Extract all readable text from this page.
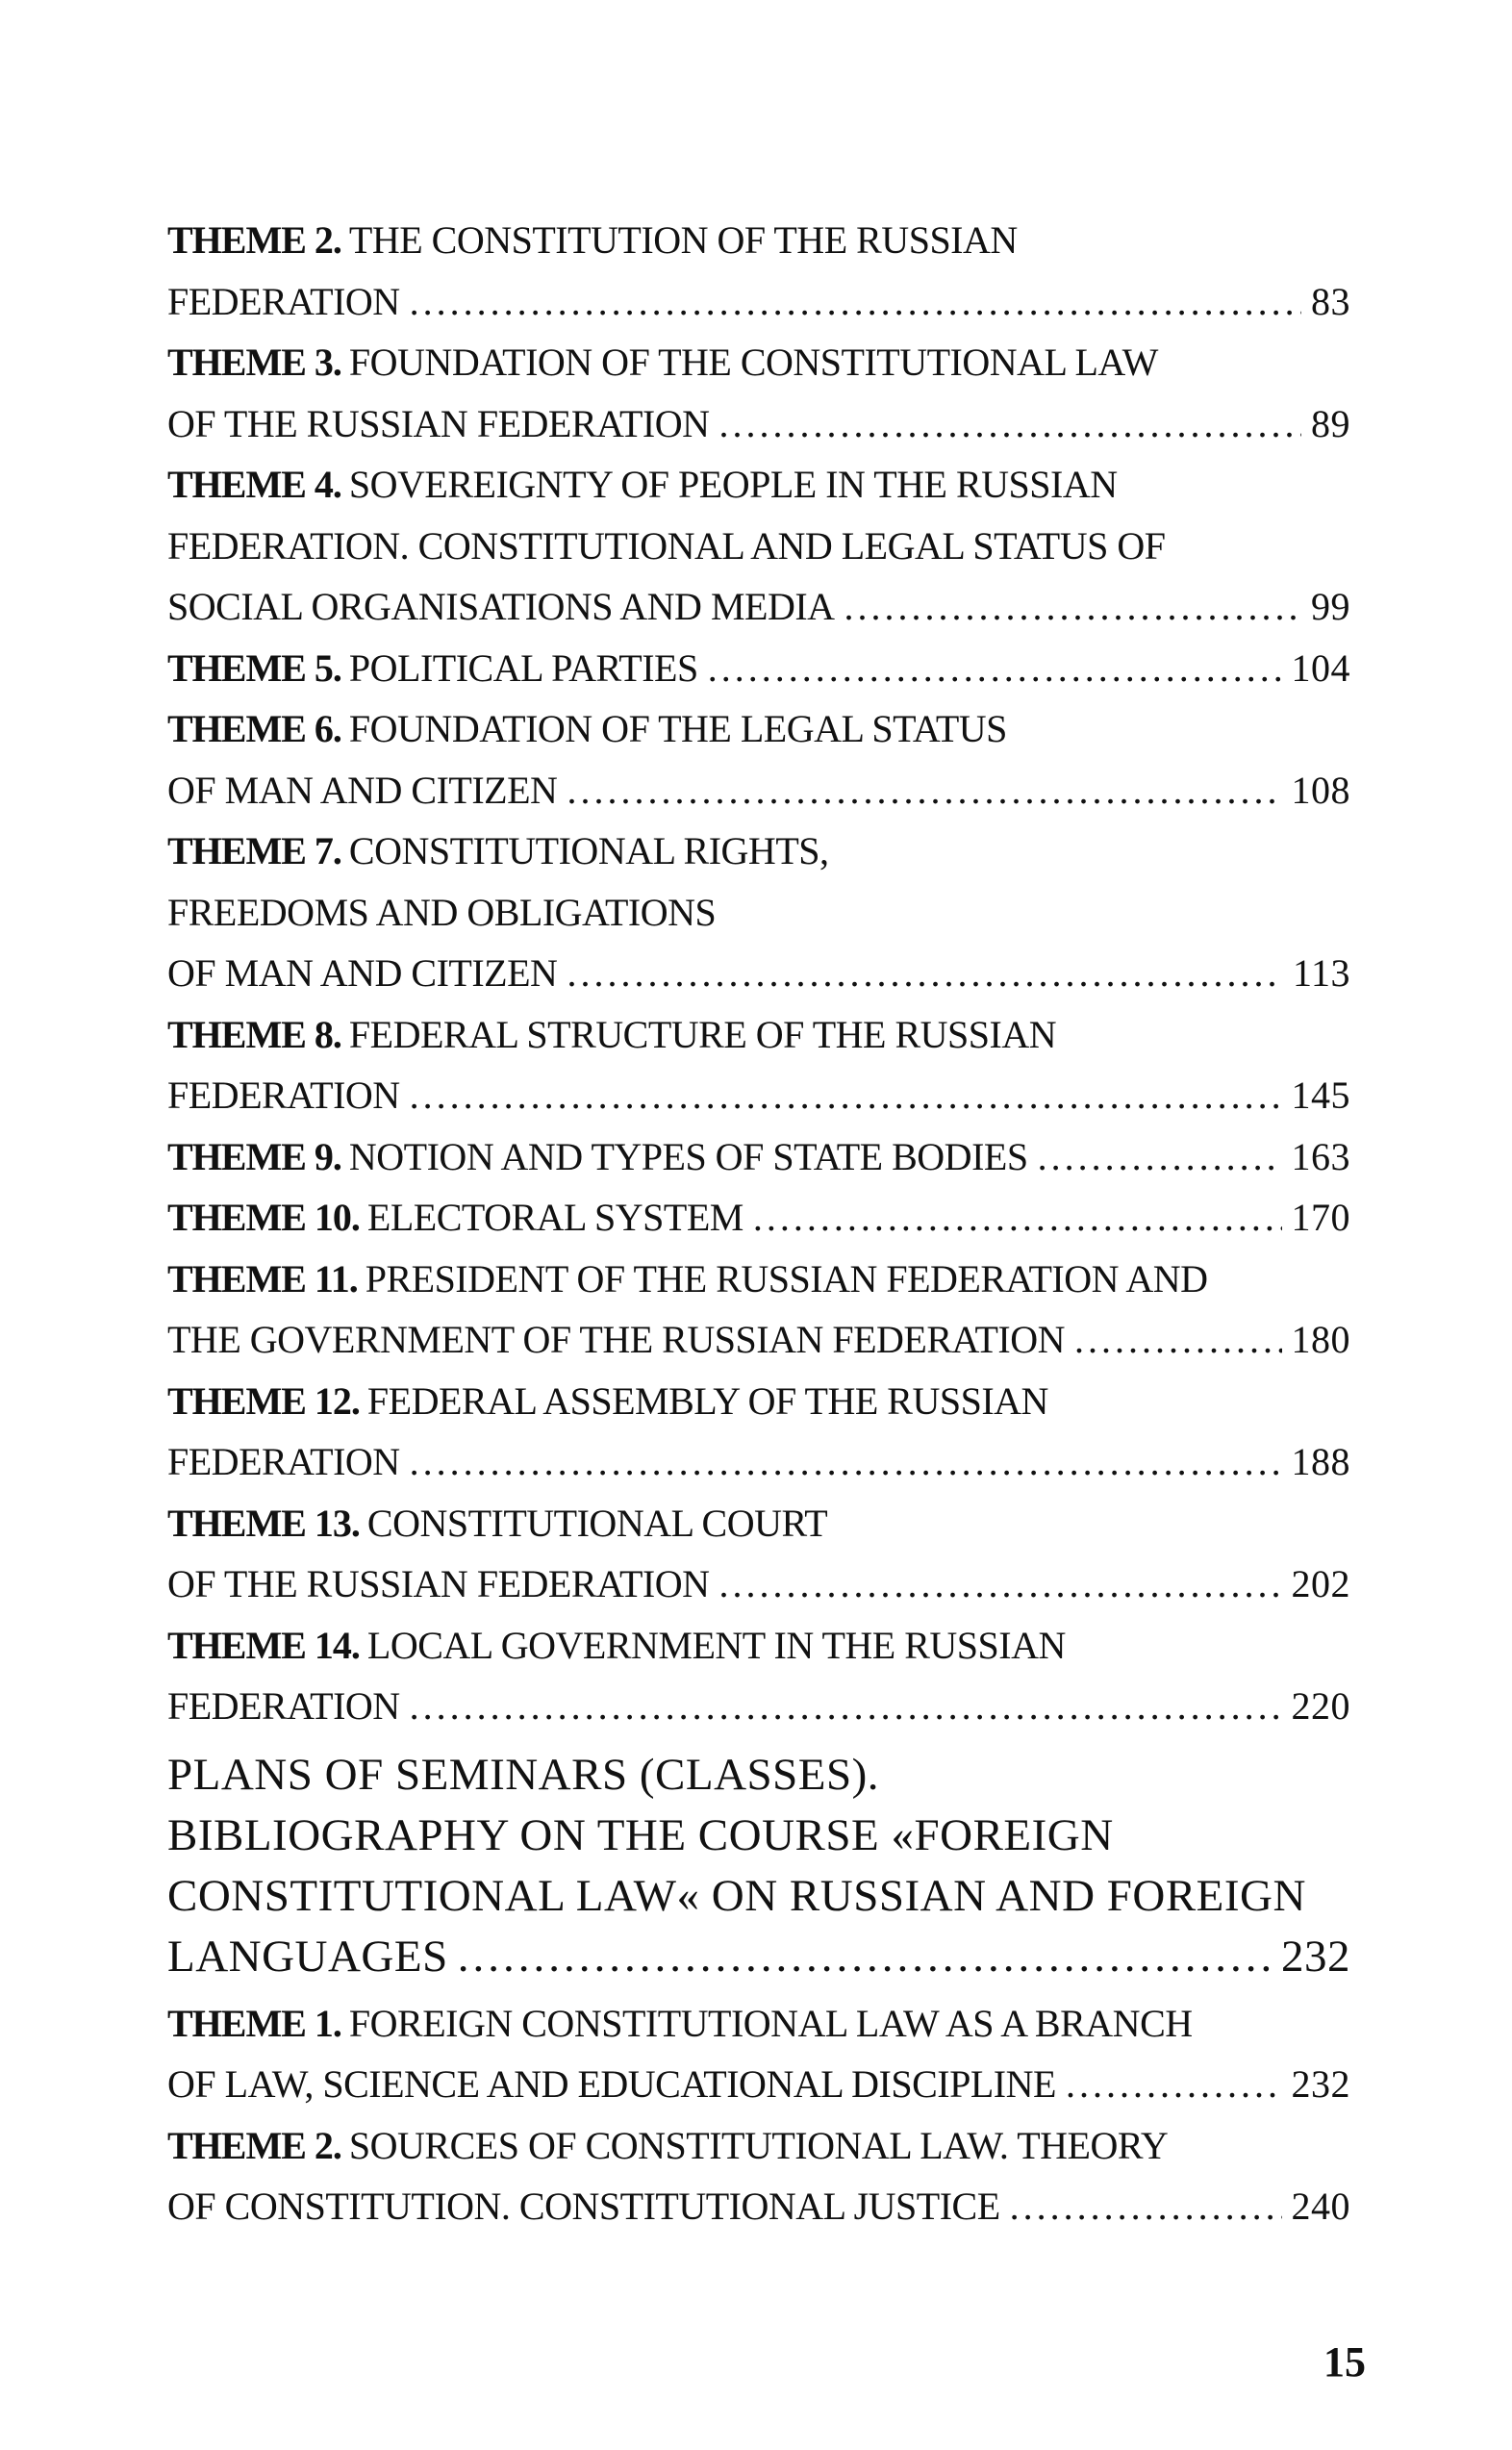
THEME 2. THE CONSTITUTION OF THE RUSSIAN
FEDERATION .....	83
THEME 3. FOUNDATION OF THE CONSTITUTIONAL LAW
OF THE RUSSIAN FEDERATION .....	89
THEME 4. SOVEREIGNTY OF PEOPLE IN THE RUSSIAN
FEDERATION. CONSTITUTIONAL AND LEGAL STATUS OF
SOCIAL ORGANISATIONS AND MEDIA .....	99
THEME 5. POLITICAL PARTIES .....	104
THEME 6. FOUNDATION OF THE LEGAL STATUS
OF MAN AND CITIZEN .....	108
THEME 7. CONSTITUTIONAL RIGHTS,
FREEDOMS AND OBLIGATIONS
OF MAN AND CITIZEN .....	113
THEME 8. FEDERAL STRUCTURE OF THE RUSSIAN
FEDERATION .....	145
THEME 9. NOTION AND TYPES OF STATE BODIES .....	163
THEME 10. ELECTORAL SYSTEM .....	170
THEME 11. PRESIDENT OF THE RUSSIAN FEDERATION AND
THE GOVERNMENT OF THE RUSSIAN FEDERATION .....	180
THEME 12. FEDERAL ASSEMBLY OF THE RUSSIAN
FEDERATION .....	188
THEME 13. CONSTITUTIONAL COURT
OF THE RUSSIAN FEDERATION .....	202
THEME 14. LOCAL GOVERNMENT IN THE RUSSIAN
FEDERATION .....	220
PLANS OF SEMINARS (CLASSES).
BIBLIOGRAPHY ON THE COURSE «FOREIGN
CONSTITUTIONAL LAW« ON RUSSIAN AND FOREIGN
LANGUAGES .....	232
THEME 1. FOREIGN CONSTITUTIONAL LAW AS A BRANCH
OF LAW, SCIENCE AND EDUCATIONAL DISCIPLINE .....	232
THEME 2. SOURCES OF CONSTITUTIONAL LAW. THEORY
OF CONSTITUTION. CONSTITUTIONAL JUSTICE .....	240
15
